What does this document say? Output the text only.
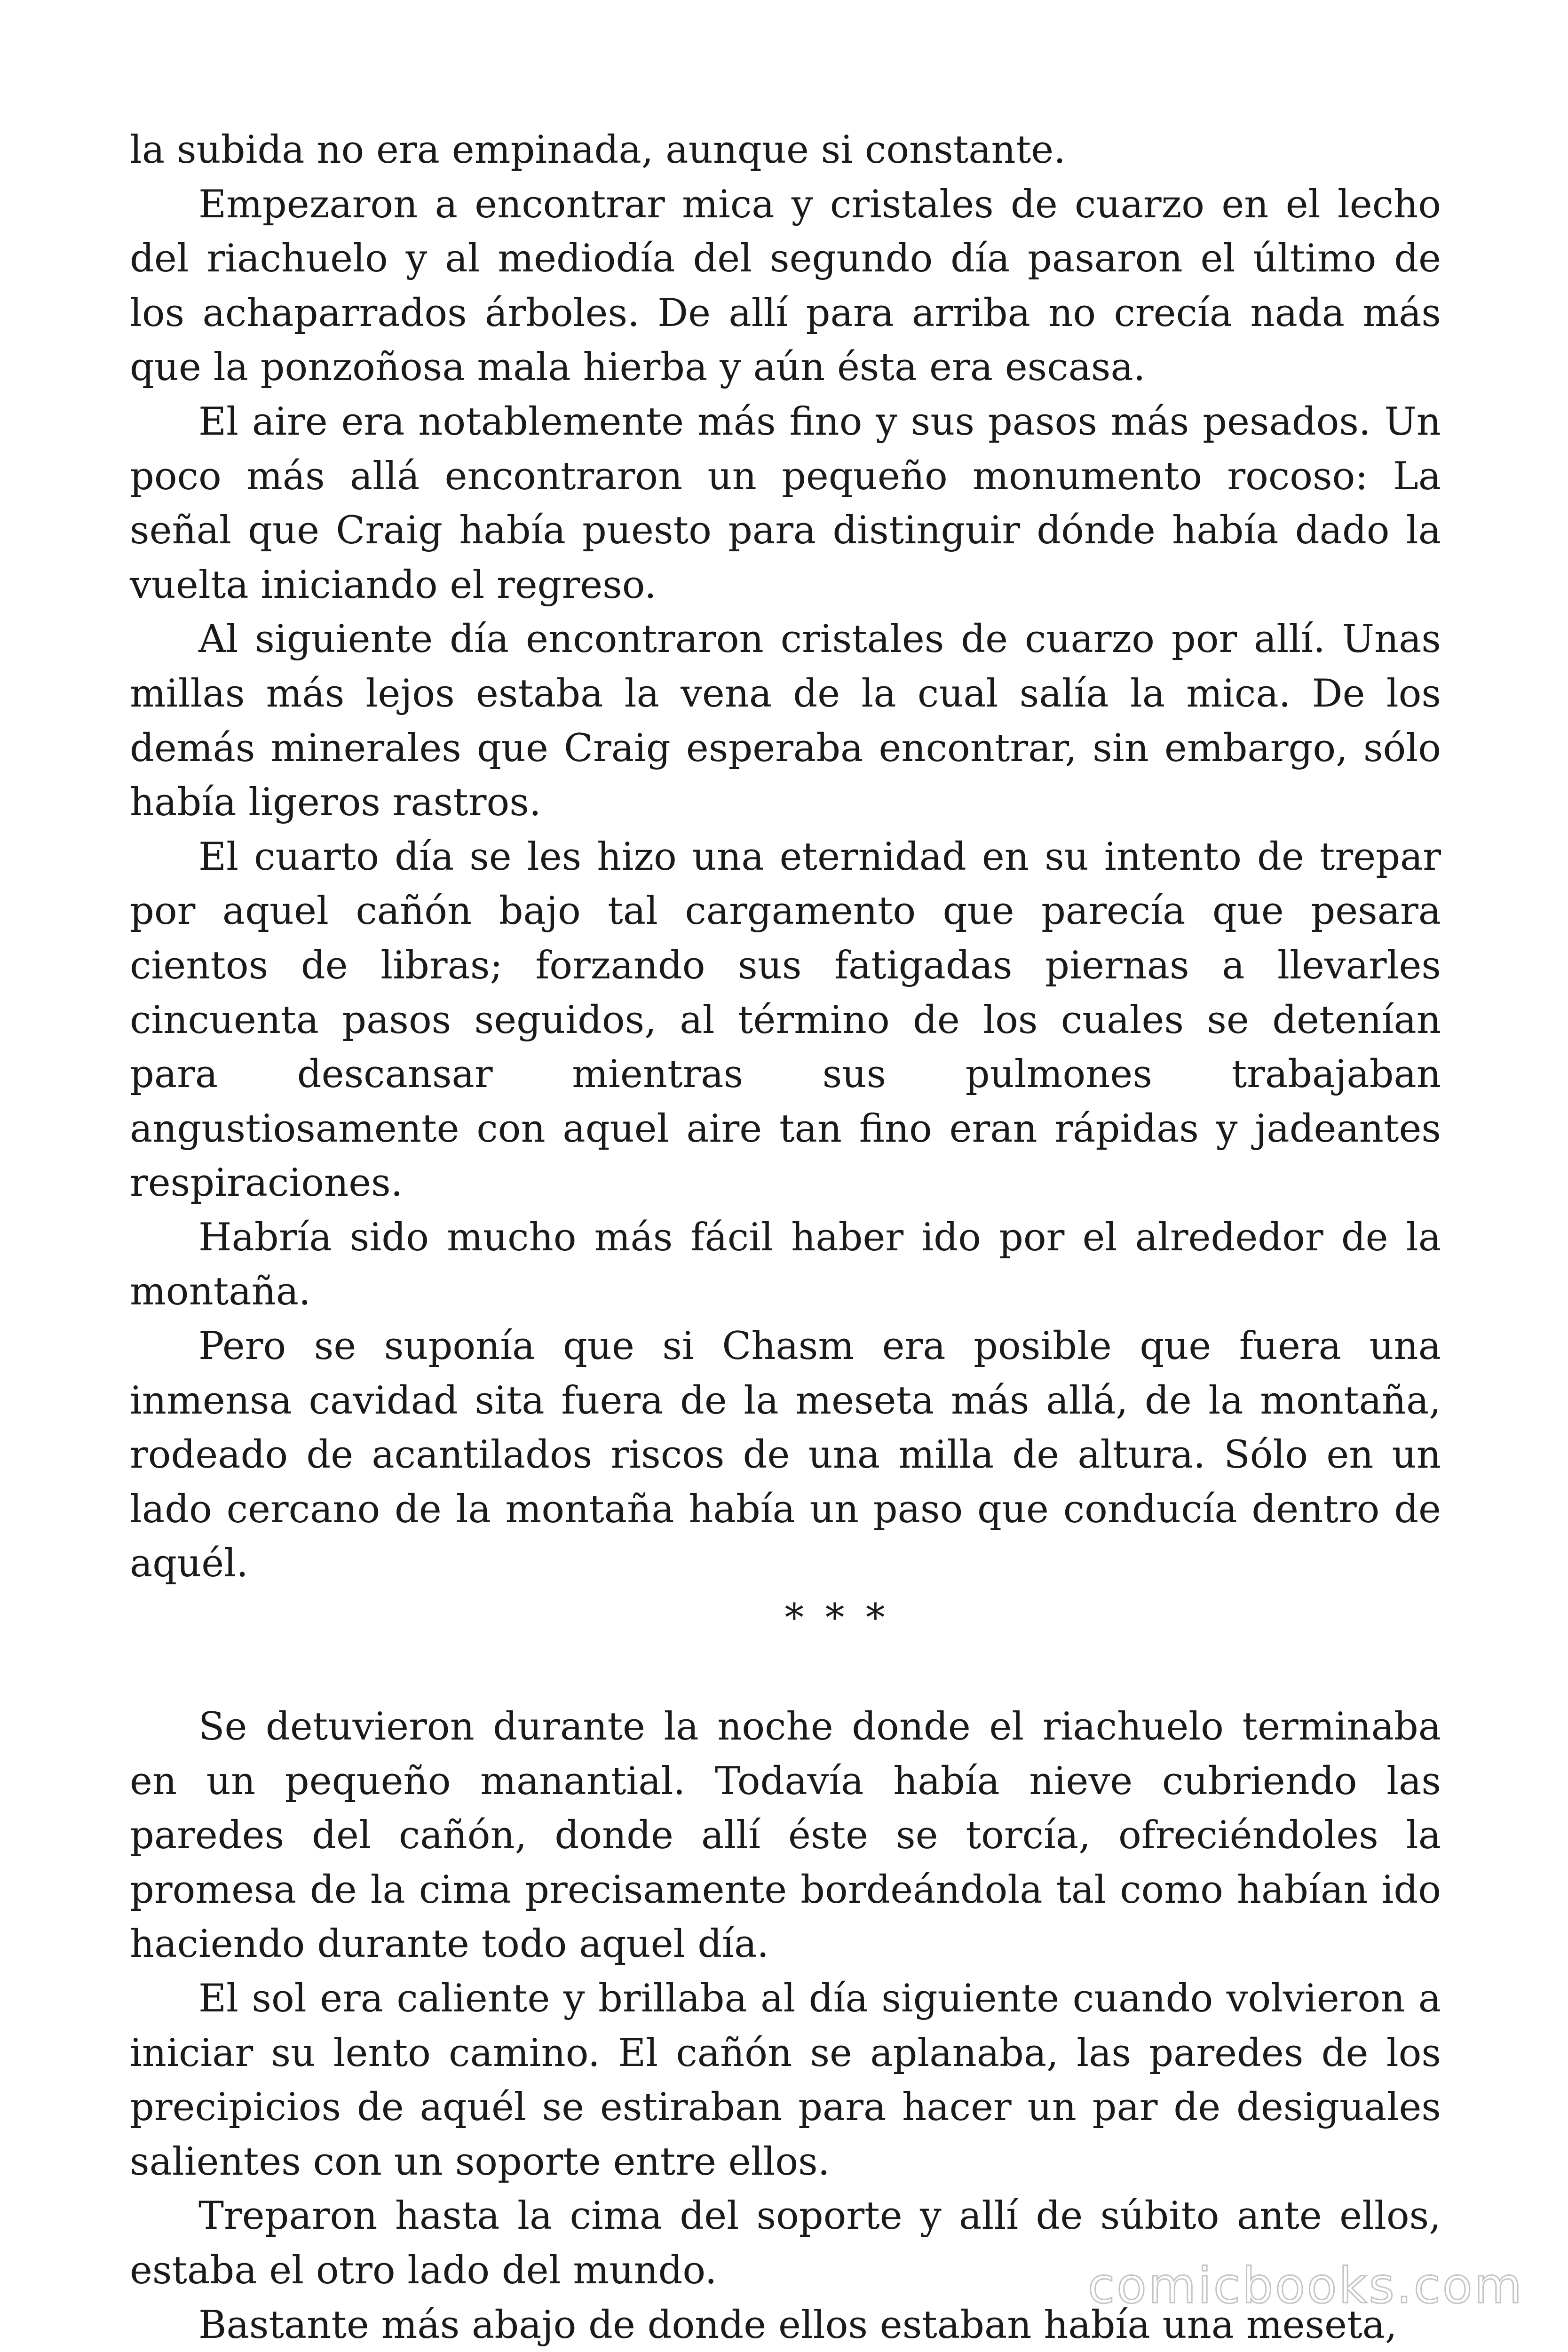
la subida no era empinada, aunque si constante.

Empezaron a encontrar mica y cristales de cuarzo en el lecho del riachuelo y al mediodía del segundo día pasaron el último de los achaparrados árboles. De allí para arriba no crecía nada más que la ponzoñosa mala hierba y aún ésta era escasa.

El aire era notablemente más fino y sus pasos más pesados. Un poco más allá encontraron un pequeño monumento rocoso: La señal que Craig había puesto para distinguir dónde había dado la vuelta iniciando el regreso.

Al siguiente día encontraron cristales de cuarzo por allí. Unas millas más lejos estaba la vena de la cual salía la mica. De los demás minerales que Craig esperaba encontrar, sin embargo, sólo había ligeros rastros.

El cuarto día se les hizo una eternidad en su intento de trepar por aquel cañón bajo tal cargamento que parecía que pesara cientos de libras; forzando sus fatigadas piernas a llevarles cincuenta pasos seguidos, al término de los cuales se detenían para descansar mientras sus pulmones trabajaban angustiosamente con aquel aire tan fino eran rápidas y jadeantes respiraciones.

Habría sido mucho más fácil haber ido por el alrededor de la montaña.

Pero se suponía que si Chasm era posible que fuera una inmensa cavidad sita fuera de la meseta más allá, de la montaña, rodeado de acantilados riscos de una milla de altura. Sólo en un lado cercano de la montaña había un paso que conducía dentro de aquél.

* * *

Se detuvieron durante la noche donde el riachuelo terminaba en un pequeño manantial. Todavía había nieve cubriendo las paredes del cañón, donde allí éste se torcía, ofreciéndoles la promesa de la cima precisamente bordeándola tal como habían ido haciendo durante todo aquel día.

El sol era caliente y brillaba al día siguiente cuando volvieron a iniciar su lento camino. El cañón se aplanaba, las paredes de los precipicios de aquél se estiraban para hacer un par de desiguales salientes con un soporte entre ellos.

Treparon hasta la cima del soporte y allí de súbito ante ellos, estaba el otro lado del mundo.

Bastante más abajo de donde ellos estaban había una meseta,

comicbooks.com
